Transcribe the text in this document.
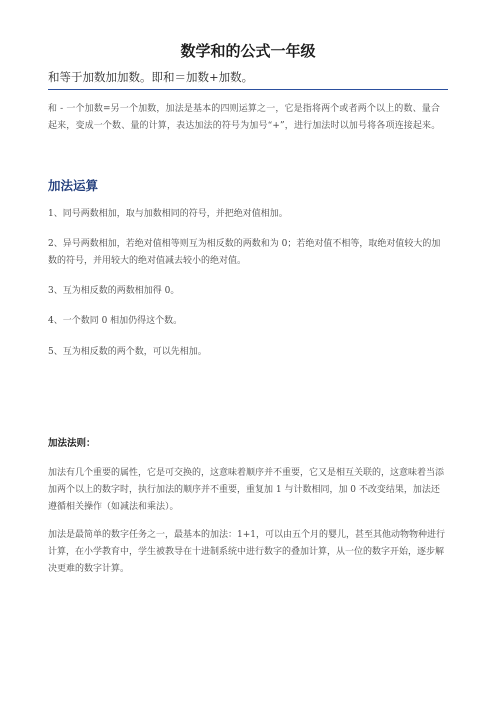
数学和的公式一年级
和等于加数加加数。即和＝加数+加数。
和 - 一个加数=另一个加数，加法是基本的四则运算之一，它是指将两个或者两个以上的数、量合起来，变成一个数、量的计算，表达加法的符号为加号“+”，进行加法时以加号将各项连接起来。
加法运算
1、同号两数相加，取与加数相同的符号，并把绝对值相加。
2、异号两数相加，若绝对值相等则互为相反数的两数和为 0；若绝对值不相等，取绝对值较大的加数的符号，并用较大的绝对值减去较小的绝对值。
3、互为相反数的两数相加得 0。
4、一个数同 0 相加仍得这个数。
5、互为相反数的两个数，可以先相加。
加法法则：
加法有几个重要的属性，它是可交换的，这意味着顺序并不重要，它又是相互关联的，这意味着当添加两个以上的数字时，执行加法的顺序并不重要，重复加 1 与计数相同，加 0 不改变结果，加法还遵循相关操作（如减法和乘法）。
加法是最简单的数字任务之一，最基本的加法：1+1，可以由五个月的婴儿，甚至其他动物物种进行计算，在小学教育中，学生被教导在十进制系统中进行数字的叠加计算，从一位的数字开始，逐步解决更难的数字计算。
